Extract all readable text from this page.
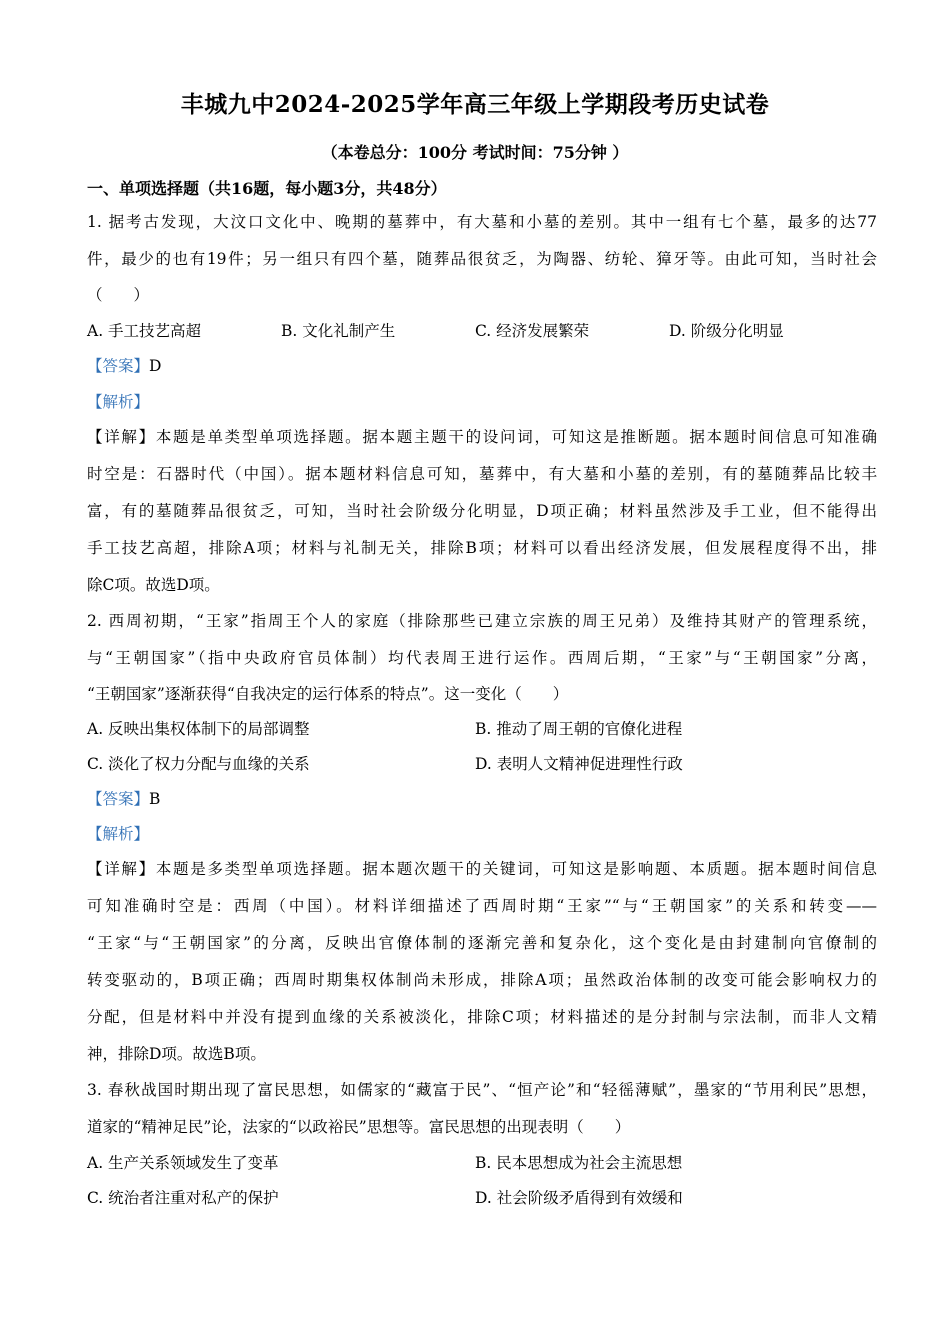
丰城九中2024-2025学年高三年级上学期段考历史试卷
（本卷总分：100分 考试时间：75分钟 ）
一、单项选择题（共16题，每小题3分，共48分）
1. 据考古发现，大汶口文化中、晚期的墓葬中，有大墓和小墓的差别。其中一组有七个墓，最多的达77
件，最少的也有19件；另一组只有四个墓，随葬品很贫乏，为陶器、纺轮、獐牙等。由此可知，当时社会
（　　）
A. 手工技艺高超	B. 文化礼制产生	C. 经济发展繁荣	D. 阶级分化明显
【答案】D
【解析】
【详解】本题是单类型单项选择题。据本题主题干的设问词，可知这是推断题。据本题时间信息可知准确
时空是：石器时代（中国）。据本题材料信息可知，墓葬中，有大墓和小墓的差别，有的墓随葬品比较丰
富，有的墓随葬品很贫乏，可知，当时社会阶级分化明显，D项正确；材料虽然涉及手工业，但不能得出
手工技艺高超，排除A项；材料与礼制无关，排除B项；材料可以看出经济发展，但发展程度得不出，排
除C项。故选D项。
2. 西周初期，“王家”指周王个人的家庭（排除那些已建立宗族的周王兄弟）及维持其财产的管理系统，
与“王朝国家”（指中央政府官员体制）均代表周王进行运作。西周后期，“王家”与“王朝国家”分离，
“王朝国家”逐渐获得“自我决定的运行体系的特点”。这一变化（　　）
A. 反映出集权体制下的局部调整	B. 推动了周王朝的官僚化进程
C. 淡化了权力分配与血缘的关系	D. 表明人文精神促进理性行政
【答案】B
【解析】
【详解】本题是多类型单项选择题。据本题次题干的关键词，可知这是影响题、本质题。据本题时间信息
可知准确时空是：西周（中国）。材料详细描述了西周时期“王家”“与“王朝国家”的关系和转变——
“王家“与“王朝国家”的分离，反映出官僚体制的逐渐完善和复杂化，这个变化是由封建制向官僚制的
转变驱动的，B项正确；西周时期集权体制尚未形成，排除A项；虽然政治体制的改变可能会影响权力的
分配，但是材料中并没有提到血缘的关系被淡化，排除C项；材料描述的是分封制与宗法制，而非人文精
神，排除D项。故选B项。
3. 春秋战国时期出现了富民思想，如儒家的“藏富于民”、“恒产论”和“轻徭薄赋”，墨家的“节用利民”思想，
道家的“精神足民”论，法家的“以政裕民”思想等。富民思想的出现表明（　　）
A. 生产关系领域发生了变革	B. 民本思想成为社会主流思想
C. 统治者注重对私产的保护	D. 社会阶级矛盾得到有效缓和
